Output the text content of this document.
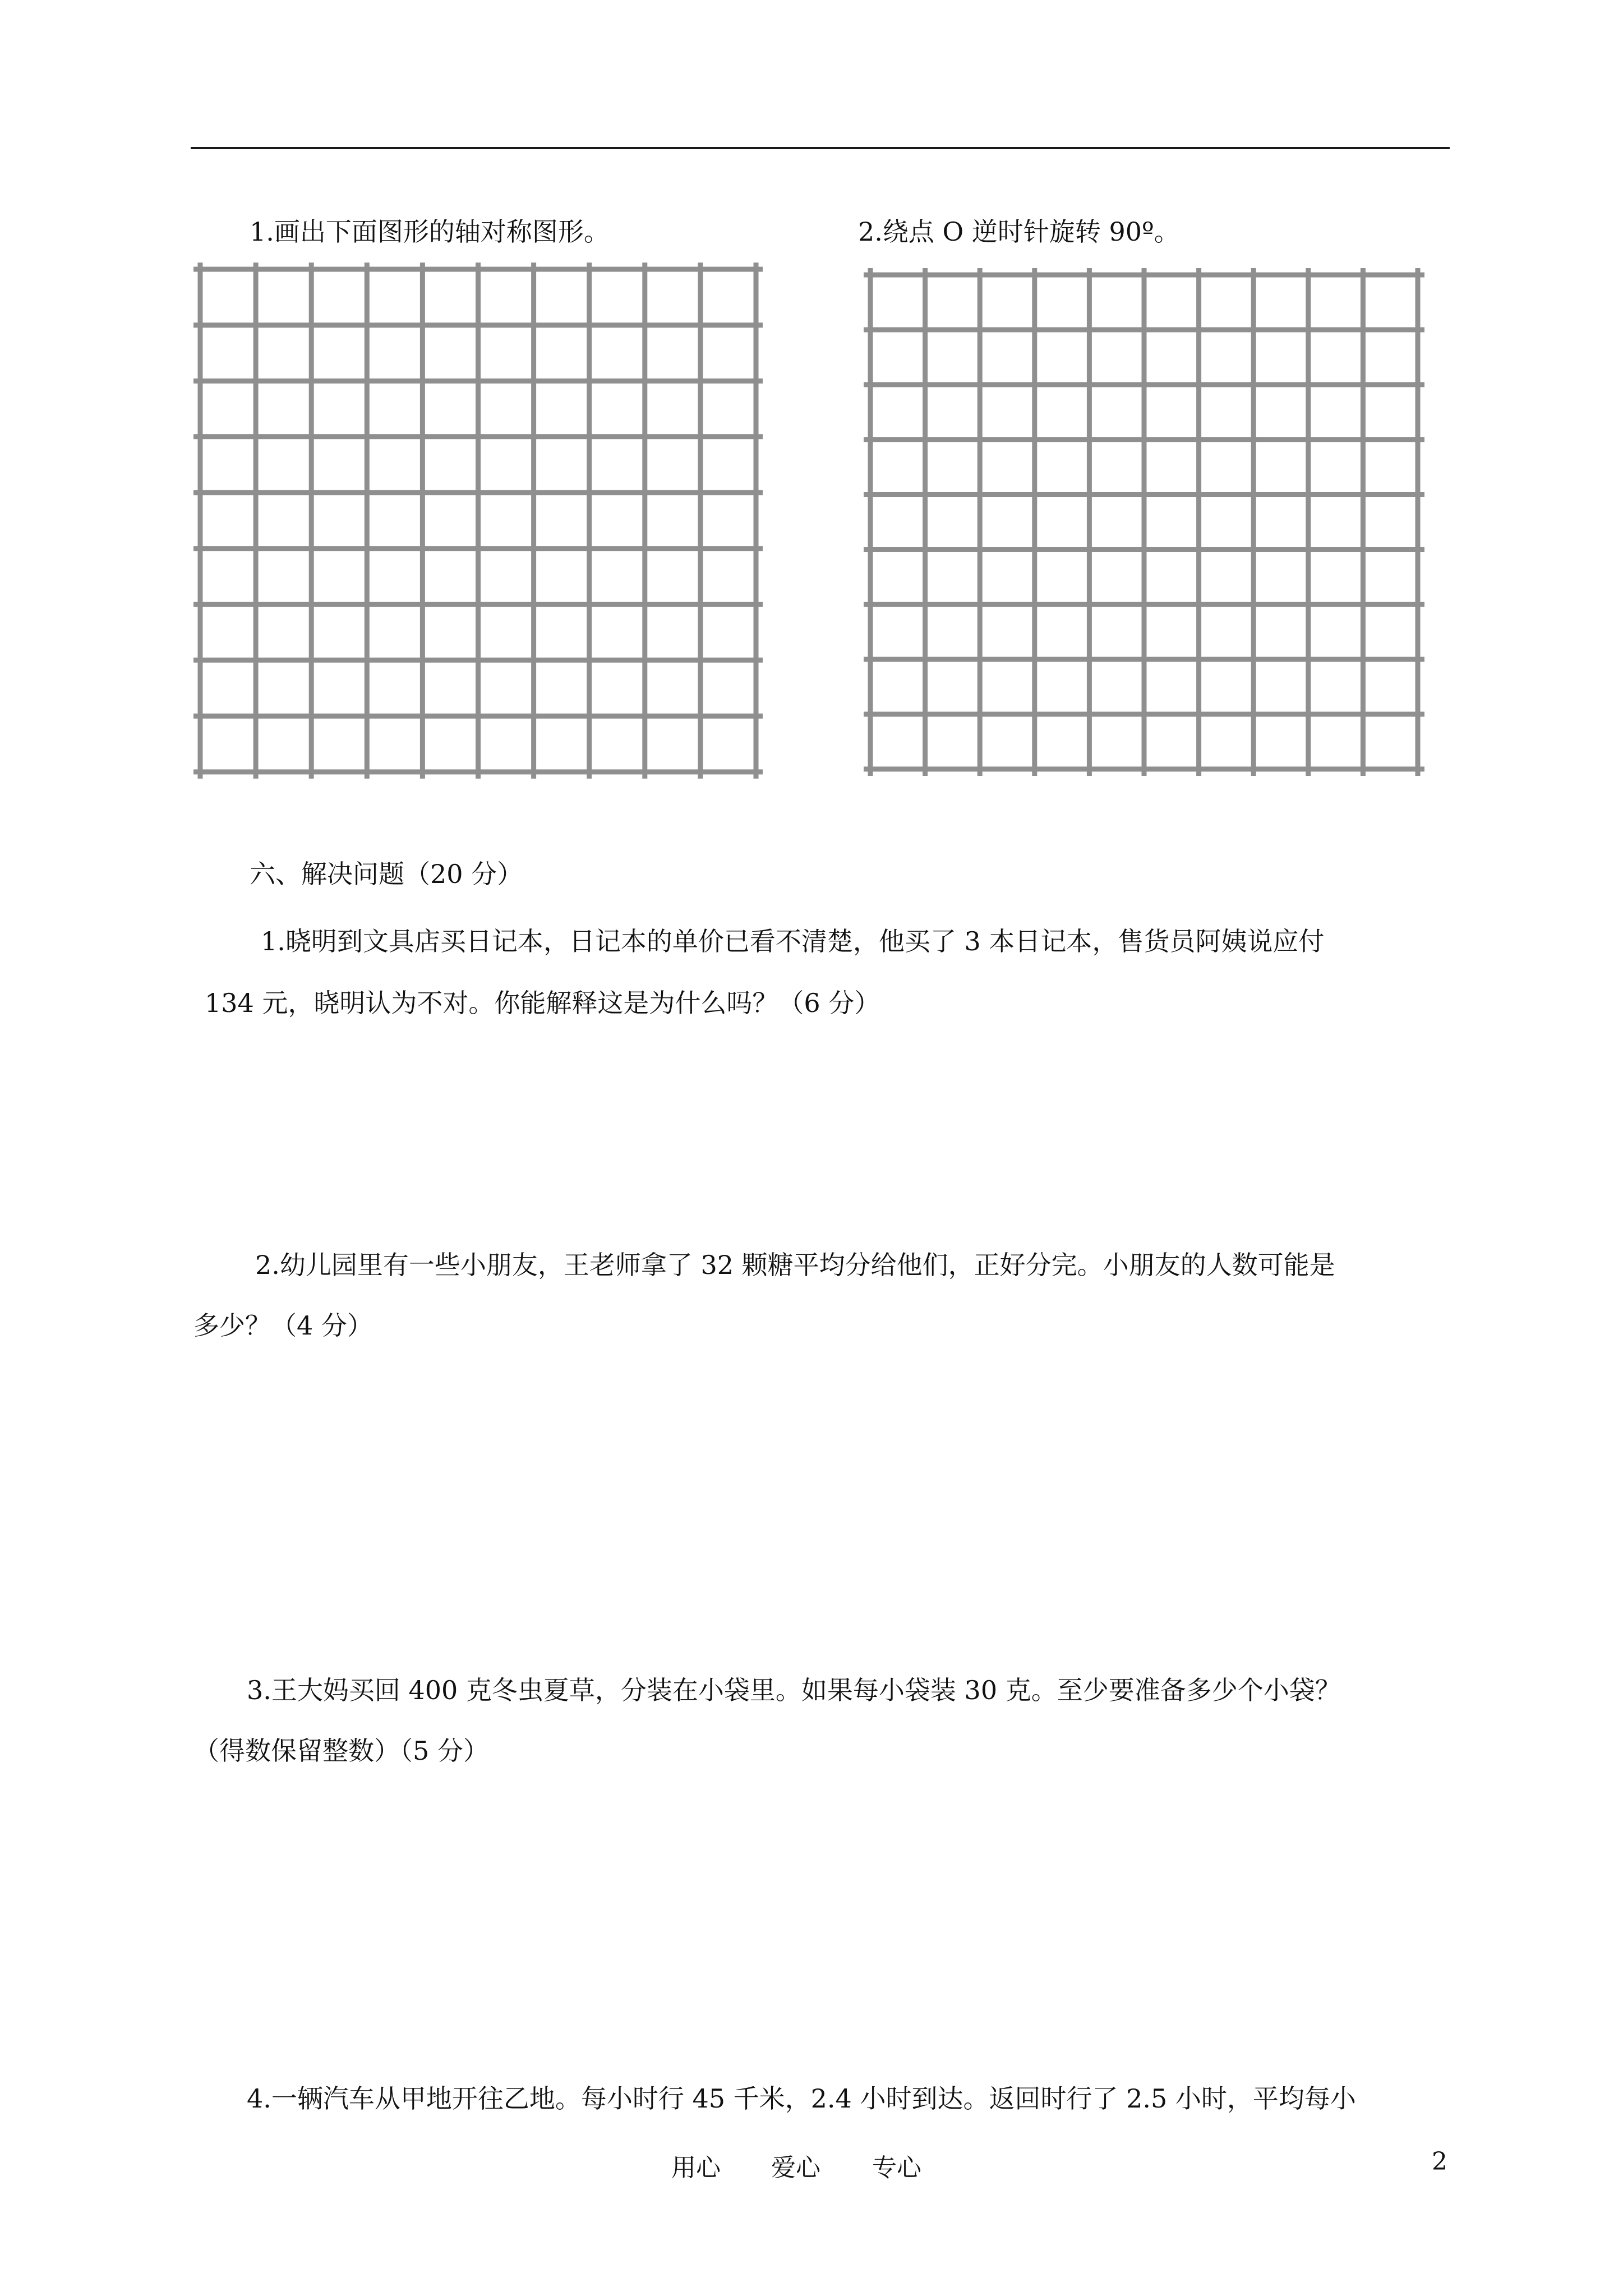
1.画出下面图形的轴对称图形。	2.绕点 O 逆时针旋转 90º。
六、解决问题（20 分）
1.晓明到文具店买日记本，日记本的单价已看不清楚，他买了 3 本日记本，售货员阿姨说应付
134 元，晓明认为不对。你能解释这是为什么吗？（6 分）
2.幼儿园里有一些小朋友，王老师拿了 32 颗糖平均分给他们，正好分完。小朋友的人数可能是
多少？（4 分）
3.王大妈买回 400 克冬虫夏草，分装在小袋里。如果每小袋装 30 克。至少要准备多少个小袋？
（得数保留整数）（5 分）
4.一辆汽车从甲地开往乙地。每小时行 45 千米，2.4 小时到达。返回时行了 2.5 小时，平均每小
用心 爱心 专心	2
